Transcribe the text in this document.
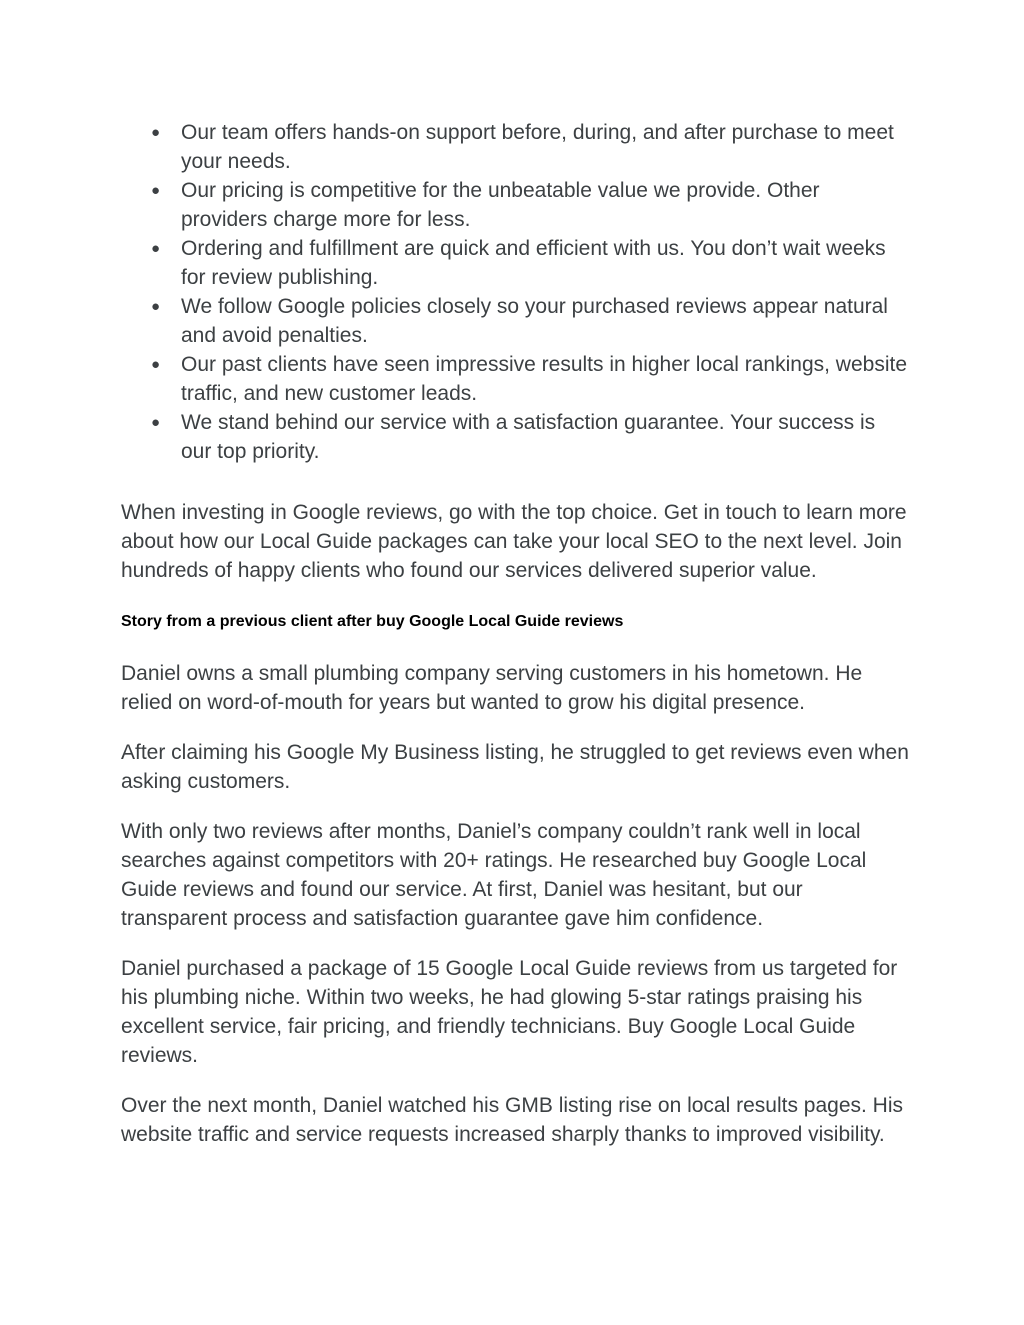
● Our team offers hands-on support before, during, and after purchase to meet your needs.
● Our pricing is competitive for the unbeatable value we provide. Other providers charge more for less.
● Ordering and fulfillment are quick and efficient with us. You don’t wait weeks for review publishing.
● We follow Google policies closely so your purchased reviews appear natural and avoid penalties.
● Our past clients have seen impressive results in higher local rankings, website traffic, and new customer leads.
● We stand behind our service with a satisfaction guarantee. Your success is our top priority.

When investing in Google reviews, go with the top choice. Get in touch to learn more about how our Local Guide packages can take your local SEO to the next level. Join hundreds of happy clients who found our services delivered superior value.

Story from a previous client after buy Google Local Guide reviews

Daniel owns a small plumbing company serving customers in his hometown. He relied on word-of-mouth for years but wanted to grow his digital presence.

After claiming his Google My Business listing, he struggled to get reviews even when asking customers.

With only two reviews after months, Daniel’s company couldn’t rank well in local searches against competitors with 20+ ratings. He researched buy Google Local Guide reviews and found our service. At first, Daniel was hesitant, but our transparent process and satisfaction guarantee gave him confidence.

Daniel purchased a package of 15 Google Local Guide reviews from us targeted for his plumbing niche. Within two weeks, he had glowing 5-star ratings praising his excellent service, fair pricing, and friendly technicians. Buy Google Local Guide reviews.

Over the next month, Daniel watched his GMB listing rise on local results pages. His website traffic and service requests increased sharply thanks to improved visibility.
